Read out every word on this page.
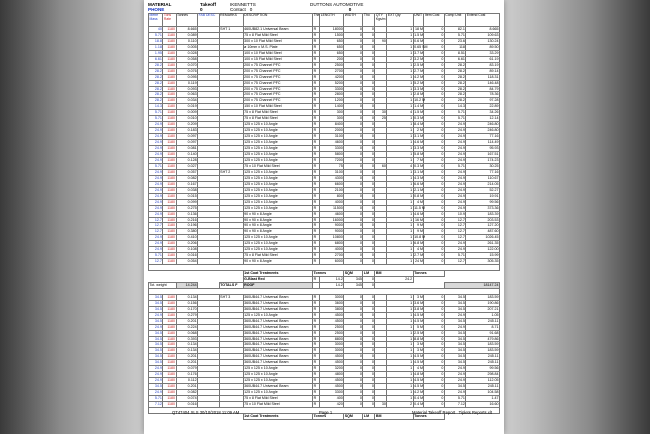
MATERIAL	Takeoff	IKENNETTS	DUTTONS AUTOMOTIVE
PHONE	0	Contact 0	0
Metre Mass	Tons Rate	Tonnes	FAB DESC	REMARKS	DESCRIPTION	The	LENGTH	WIDTH	Tho	QTY Kgs/m	EXT Qty	UNIT	Item Cost	Comp Unit	Extend Cost
40	1180	8.665		SHT 1	460UB82.1 Universal Beam	R	18000	0	0		1	18 M	0	82.1	8.665
5.71	1180	0.089			75 x 8 Flat Mild Steel	R	1500	0	0		1	1.5 M	0	5.71	109.63
18.8	1180	0.110			300 x 10 Flat Mild Steel	R	650	0	0	90	1	0.6 M	0	23.6	130.24
1.18	1180	0.005			ø 10mm x M.S. Plate	R	650	0	0		1	0.65 SM	0	118	89.50
1.95	1180	0.028			100 x 10 Flat Mild Steel	R	650	0	0		1	3.7 M	0	8.51	33.29
6.61	1180	0.058			100 x 15 Flat Mild Steel	R	200	0	0		2	3.2 M	0	6.61	61.19
28.2	1180	0.070			200 x 75 Channel PFC	R	2500	0	0		1	2.5 M	0	28.2	83.19
28.2	1180	0.076			200 x 75 Channel PFC	R	2700	0	0		1	2.7 M	0	28.2	89.14
28.2	1180	0.095			200 x 75 Channel PFC	R	4200	0	0		1	4.2 M	0	28.2	118.31
28.2	1180	0.119			200 x 75 Channel PFC	R	5200	0	0		1	5.2 M	0	28.2	146.48
28.2	1180	0.093			200 x 75 Channel PFC	R	3300	0	0		1	3.3 M	0	28.2	84.79
28.2	1180	0.063			200 x 75 Channel PFC	R	2800	0	0		1	2.8 M	0	28.2	78.36
28.2	1180	0.034			200 x 75 Channel PFC	R	1200	0	0		1	10.2 M	0	28.2	97.28
14.3	1180	0.019			150 x 10 Flat Mild Steel	R	1400	0	0		1	1.4 M	0	14.3	22.89
5.71	1180	0.009			75 x 8 Flat Mild Steel	R	300	0	0	30	4	1.5 M	0	5.71	34.26
5.71	1180	0.010			75 x 8 Flat Mild Steel	R	300	0	0	25	1	0.3 M	0	5.71	12.14
24.9	1180	0.209			125 x 125 x 10 Angle	R	8400	0	0		1	8.4 M	0	24.9	246.80
24.9	1180	0.183			125 x 125 x 10 Angle	R	2000	0	0		1	2 M	0	24.9	246.80
24.9	1180	0.097			125 x 125 x 10 Angle	R	3100	0	0		1	3.1 M	0	24.9	77.16
24.9	1180	0.097			125 x 125 x 10 Angle	R	4600	0	0		1	4.6 M	0	24.9	114.49
24.9	1180	0.081			125 x 125 x 10 Angle	R	3300	0	0		1	3.3 M	0	24.9	95.93
24.9	1180	0.140			125 x 125 x 10 Angle	R	5800	0	0		1	5.8 M	0	24.9	167.51
24.9	1180	0.128			125 x 125 x 10 Angle	R	7200	0	0		1	7 M	0	24.9	174.23
5.71	1180	0.027			75 x 10 Flat Mild Steel	R	75	0	0	60	4	0.3 M	0	5.71	30.25
24.9	1180	0.057		SHT 2	125 x 125 x 10 Angle	R	3100	0	0		1	3.1 M	0	24.9	77.16
24.9	1180	0.082			125 x 125 x 10 Angle	R	4300	0	0		1	4.3 M	0	24.9	110.67
24.9	1180	0.167			125 x 125 x 10 Angle	R	6600	0	0		1	6.6 M	0	24.9	214.05
24.9	1180	0.038			125 x 125 x 10 Angle	R	2100	0	0		1	2.1 M	0	24.9	52.27
24.9	1180	0.015			125 x 125 x 10 Angle	R	800	0	0		1	0.8 M	0	24.9	19.91
24.9	1180	0.099			125 x 125 x 10 Angle	R	4000	0	0		1	4 M	0	24.9	99.56
24.9	1180	0.275			125 x 125 x 10 Angle	R	11500	0	0		1	11.5 M	0	24.9	373.36
24.9	1180	0.136			90 x 90 x 8 Angle	R	4600	0	0		1	4.6 M	0	10.9	183.39
12.7	1180	0.216			90 x 90 x 8 Angle	R	16000	0	0		1	16 M	0	12.7	203.53
12.7	1180	0.196			90 x 90 x 8 Angle	R	9000	0	0		1	9 M	0	12.7	127.20
12.7	1180	0.380			90 x 90 x 8 Angle	R	9000	0	0		1	9 M	0	12.7	487.60
24.9	1180	0.410			125 x 125 x 10 Angle	R	10800	0	0		1	10.8 M	0	12.7	1026.45
24.9	1180	0.206			125 x 125 x 10 Angle	R	6800	0	0		1	6.8 M	0	24.9	261.35
24.9	1180	0.108			125 x 125 x 10 Angle	R	4000	0	0		1	4 M	0	24.9	122.00
5.71	1180	0.016			75 x 8 Flat Mild Steel	R	2700	0	0		1	2.7 M	0	5.71	15.99
12.7	1180	0.054			90 x 90 x 8 Angle	R	6000	0	0		1	24 M	0	12.7	305.35

					1st Coat Treatments	Tonnes		SQM	LM	BM		Tonnes			
					G-Blast Red	R	14.2	345	0	24.2					
Tot. weight		14.244		TOTALS F	ROOF		14.2	345	0					18147.24	

34.5	1180	0.134		SHT 3	360UB44.7 Universal Beam	R	3000	0	0		1	3 M	0	34.5	183.59
34.5	1180	0.156			360UB44.7 Universal Beam	R	3600	0	0		1	3.6 M	0	34.5	190.86
34.5	1180	0.170			360UB44.7 Universal Beam	R	3800	0	0		1	3.8 M	0	34.5	207.21
24.9	1180	0.279			125 x 125 x 10 Angle	R	4500	0	0		1	4.5 M	0	24.9	1.05
34.5	1180	0.201			360UB44.7 Universal Beam	R	4500	0	0		1	4.5 M	0	34.5	245.11
24.9	1180	0.224			360UB44.7 Universal Beam	R	2500	0	0		1	5 M	0	24.9	8.71
34.5	1180	0.068			360UB44.7 Universal Beam	R	2500	0	0		1	2.5 M	0	34.5	91.68
34.5	1180	0.393			360UB44.7 Universal Beam	R	8800	0	0		1	8.8 M	0	34.5	479.86
34.5	1180	0.134			360UB44.7 Universal Beam	R	3000	0	0		1	3 M	0	34.5	183.59
34.5	1180	0.134			360UB44.7 Universal Beam	R	3000	0	0		1	3 M	0	34.5	183.59
34.5	1180	0.201			360UB44.7 Universal Beam	R	4500	0	0		1	4.5 M	0	34.5	245.11
34.5	1180	0.201			360UB44.7 Universal Beam	R	4500	0	0		1	4.5 M	0	34.5	245.11
24.9	1180	0.079			125 x 125 x 10 Angle	R	3200	0	0		1	4 M	0	24.9	99.56
24.9	1180	0.176			125 x 125 x 10 Angle	R	4800	0	0		1	4.8 M	0	24.9	298.84
24.9	1180	0.112			125 x 125 x 10 Angle	R	4500	0	0		1	4.5 M	0	24.9	112.05
34.5	1180	0.201			360UB44.7 Universal Beam	R	4500	0	0		1	4.5 M	0	34.5	245.11
24.9	1180	0.082			125 x 125 x 10 Angle	R	3300	0	0		1	4.2 M	0	24.9	104.58
5.71	1180	0.074			75 x 8 Flat Mild Steel	R	400	0	0		1	0.4 M	0	5.71	1.47
7.12	1180	0.016			75 x 10 Flat Mild Steel	R	420	0	0	30	2	0.4 M	0	7.12	16.60

					1st Coat Treatments	Tonnes		SQM	LM	BM		Tonnes			
QT47404.XLS 30/10/2018 11:09 AM	Page 1	Material Takeoff Report Tiplets Reports.xlt
